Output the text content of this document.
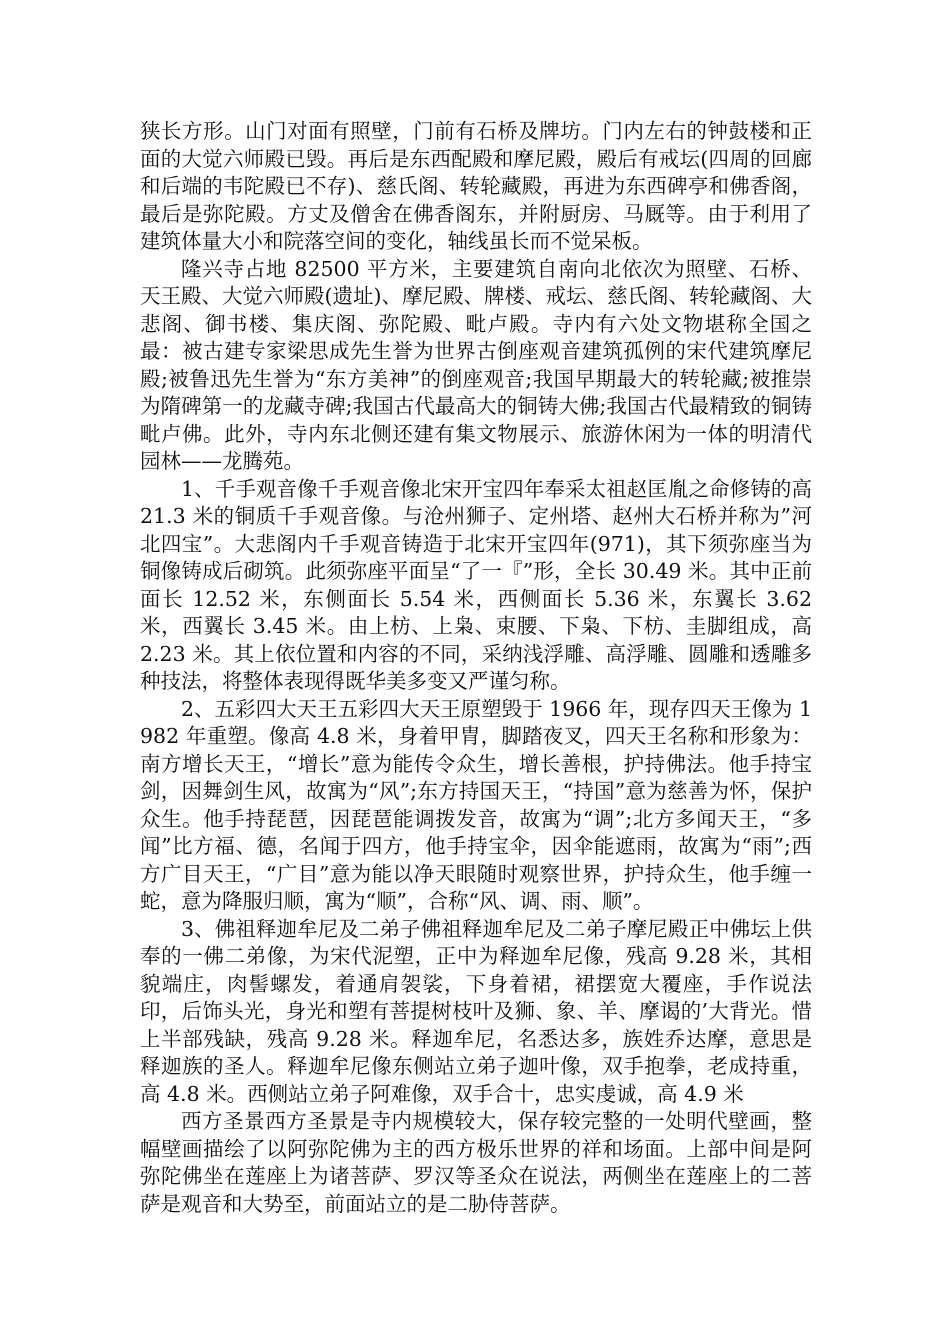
狭长方形。山门对面有照壁，门前有石桥及牌坊。门内左右的钟鼓楼和正面的大觉六师殿已毁。再后是东西配殿和摩尼殿，殿后有戒坛(四周的回廊和后端的韦陀殿已不存)、慈氏阁、转轮藏殿，再进为东西碑亭和佛香阁，最后是弥陀殿。方丈及僧舍在佛香阁东，并附厨房、马厩等。由于利用了建筑体量大小和院落空间的变化，轴线虽长而不觉呆板。

隆兴寺占地 82500 平方米，主要建筑自南向北依次为照壁、石桥、天王殿、大觉六师殿(遗址)、摩尼殿、牌楼、戒坛、慈氏阁、转轮藏阁、大悲阁、御书楼、集庆阁、弥陀殿、毗卢殿。寺内有六处文物堪称全国之最：被古建专家梁思成先生誉为世界古倒座观音建筑孤例的宋代建筑摩尼殿;被鲁迅先生誉为“东方美神”的倒座观音;我国早期最大的转轮藏;被推崇为隋碑第一的龙藏寺碑;我国古代最高大的铜铸大佛;我国古代最精致的铜铸毗卢佛。此外，寺内东北侧还建有集文物展示、旅游休闲为一体的明清代园林——龙腾苑。

1、千手观音像千手观音像北宋开宝四年奉采太祖赵匡胤之命修铸的高 21.3 米的铜质千手观音像。与沧州狮子、定州塔、赵州大石桥并称为”河北四宝”。大悲阁内千手观音铸造于北宋开宝四年(971)，其下须弥座当为铜像铸成后砌筑。此须弥座平面呈“了一『”形，全长 30.49 米。其中正前面长 12.52 米，东侧面长 5.54 米，西侧面长 5.36 米，东翼长 3.62 米，西翼长 3.45 米。由上枋、上枭、束腰、下枭、下枋、圭脚组成，高 2.23 米。其上依位置和内容的不同，采纳浅浮雕、高浮雕、圆雕和透雕多种技法，将整体表现得既华美多变又严谨匀称。

2、五彩四大天王五彩四大天王原塑毁于 1966 年，现存四天王像为 1982 年重塑。像高 4.8 米，身着甲胄，脚踏夜叉，四天王名称和形象为：南方增长天王，“增长”意为能传令众生，增长善根，护持佛法。他手持宝剑，因舞剑生风，故寓为“风”;东方持国天王，“持国”意为慈善为怀，保护众生。他手持琵琶，因琵琶能调拨发音，故寓为“调”;北方多闻天王，“多闻”比方福、德，名闻于四方，他手持宝伞，因伞能遮雨，故寓为“雨”;西方广目天王，“广目”意为能以净天眼随时观察世界，护持众生，他手缠一蛇，意为降服归顺，寓为“顺”，合称“风、调、雨、顺”。

3、佛祖释迦牟尼及二弟子佛祖释迦牟尼及二弟子摩尼殿正中佛坛上供奉的一佛二弟像，为宋代泥塑，正中为释迦牟尼像，残高 9.28 米，其相貌端庄，肉髻螺发，着通肩袈裟，下身着裙，裙摆宽大覆座，手作说法印，后饰头光，身光和塑有菩提树枝叶及狮、象、羊、摩谒的’大背光。惜上半部残缺，残高 9.28 米。释迦牟尼，名悉达多，族姓乔达摩，意思是释迦族的圣人。释迦牟尼像东侧站立弟子迦叶像，双手抱拳，老成持重，高 4.8 米。西侧站立弟子阿难像，双手合十，忠实虔诚，高 4.9 米

西方圣景西方圣景是寺内规模较大，保存较完整的一处明代壁画，整幅壁画描绘了以阿弥陀佛为主的西方极乐世界的祥和场面。上部中间是阿弥陀佛坐在莲座上为诸菩萨、罗汉等圣众在说法，两侧坐在莲座上的二菩萨是观音和大势至，前面站立的是二胁侍菩萨。
